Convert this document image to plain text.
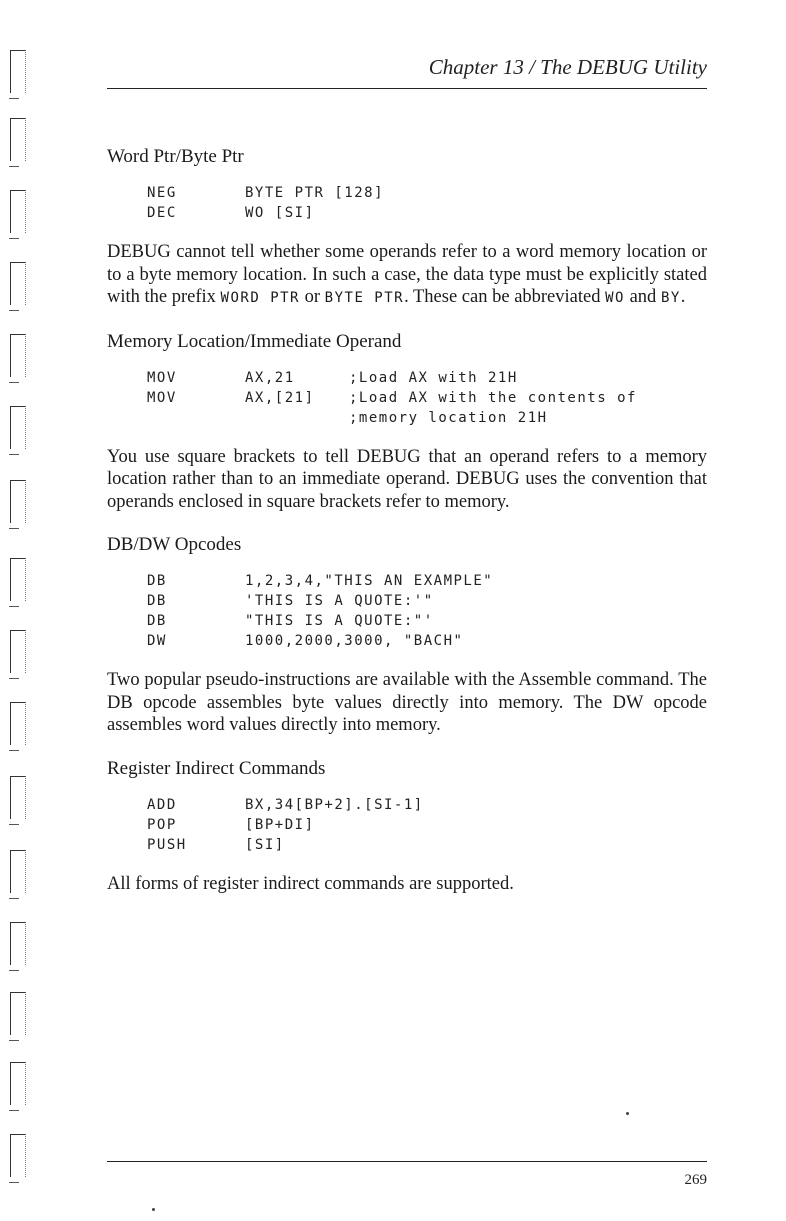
Chapter 13 / The DEBUG Utility
Word Ptr/Byte Ptr
NEG	BYTE PTR [128]
DEC	WO [SI]

DEBUG cannot tell whether some operands refer to a word memory location or to a byte memory location. In such a case, the data type must be explicitly stated with the prefix WORD PTR or BYTE PTR. These can be abbreviated WO and BY.

Memory Location/Immediate Operand
MOV	AX,21	;Load AX with 21H
MOV	AX,[21]	;Load AX with the contents of
;memory location 21H

You use square brackets to tell DEBUG that an operand refers to a memory location rather than to an immediate operand. DEBUG uses the convention that operands enclosed in square brackets refer to memory.

DB/DW Opcodes
DB	1,2,3,4,"THIS AN EXAMPLE"
DB	'THIS IS A QUOTE:'"
DB	"THIS IS A QUOTE:"'
DW	1000,2000,3000, "BACH"

Two popular pseudo-instructions are available with the Assemble command. The DB opcode assembles byte values directly into memory. The DW opcode assembles word values directly into memory.

Register Indirect Commands
ADD	BX,34[BP+2].[SI-1]
POP	[BP+DI]
PUSH	[SI]

All forms of register indirect commands are supported.

269
